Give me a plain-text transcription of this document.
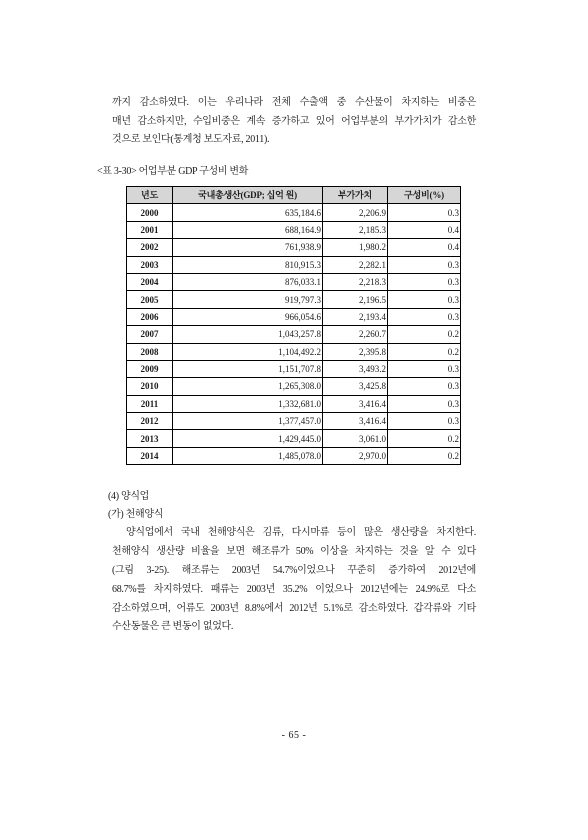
까지 감소하였다. 이는 우리나라 전체 수출액 중 수산물이 차지하는 비중은
매년 감소하지만, 수입비중은 계속 증가하고 있어 어업부분의 부가가치가 감소한
것으로 보인다(통계청 보도자료, 2011).
<표 3-30> 어업부분 GDP 구성비 변화
년도	국내총생산(GDP; 십억 원)	부가가치	구성비(%)
2000	635,184.6	2,206.9	0.3
2001	688,164.9	2,185.3	0.4
2002	761,938.9	1,980.2	0.4
2003	810,915.3	2,282.1	0.3
2004	876,033.1	2,218.3	0.3
2005	919,797.3	2,196.5	0.3
2006	966,054.6	2,193.4	0.3
2007	1,043,257.8	2,260.7	0.2
2008	1,104,492.2	2,395.8	0.2
2009	1,151,707.8	3,493.2	0.3
2010	1,265,308.0	3,425.8	0.3
2011	1,332,681.0	3,416.4	0.3
2012	1,377,457.0	3,416.4	0.3
2013	1,429,445.0	3,061.0	0.2
2014	1,485,078.0	2,970.0	0.2
(4) 양식업
(가) 천해양식
양식업에서 국내 천해양식은 김류, 다시마류 등이 많은 생산량을 차지한다.
천해양식 생산량 비율을 보면 해조류가 50% 이상을 차지하는 것을 알 수 있다
(그림 3-25). 해조류는 2003년 54.7%이었으나 꾸준히 증가하여 2012년에
68.7%를 차지하였다. 패류는 2003년 35.2% 이었으나 2012년에는 24.9%로 다소
감소하였으며, 어류도 2003년 8.8%에서 2012년 5.1%로 감소하였다. 갑각류와 기타
수산동물은 큰 변동이 없었다.
- 65 -
